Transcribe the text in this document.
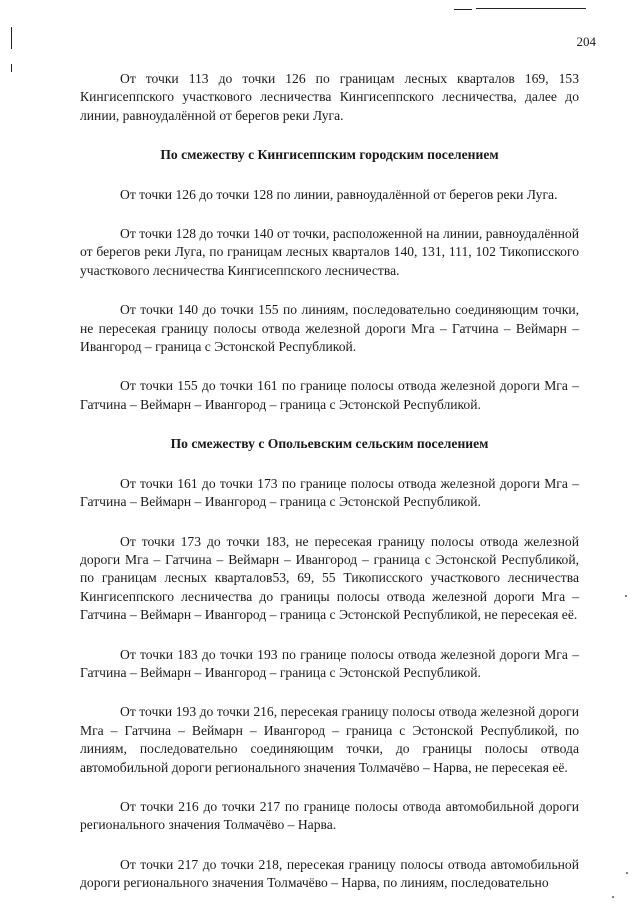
204

От точки 113 до точки 126 по границам лесных кварталов 169, 153 Кингисеппского участкового лесничества Кингисеппского лесничества, далее до линии, равноудалённой от берегов реки Луга.

По смежеству с Кингисеппским городским поселением

От точки 126 до точки 128 по линии, равноудалённой от берегов реки Луга.

От точки 128 до точки 140 от точки, расположенной на линии, равноудалённой от берегов реки Луга, по границам лесных кварталов 140, 131, 111, 102 Тикописского участкового лесничества Кингисеппского лесничества.

От точки 140 до точки 155 по линиям, последовательно соединяющим точки, не пересекая границу полосы отвода железной дороги Мга – Гатчина – Веймарн – Ивангород – граница с Эстонской Республикой.

От точки 155 до точки 161 по границе полосы отвода железной дороги Мга – Гатчина – Веймарн – Ивангород – граница с Эстонской Республикой.

По смежеству с Опольевским сельским поселением

От точки 161 до точки 173 по границе полосы отвода железной дороги Мга – Гатчина – Веймарн – Ивангород – граница с Эстонской Республикой.

От точки 173 до точки 183, не пересекая границу полосы отвода железной дороги Мга – Гатчина – Веймарн – Ивангород – граница с Эстонской Республикой, по границам лесных кварталов53, 69, 55 Тикописского участкового лесничества Кингисеппского лесничества до границы полосы отвода железной дороги Мга – Гатчина – Веймарн – Ивангород – граница с Эстонской Республикой, не пересекая её.

От точки 183 до точки 193 по границе полосы отвода железной дороги Мга – Гатчина – Веймарн – Ивангород – граница с Эстонской Республикой.

От точки 193 до точки 216, пересекая границу полосы отвода железной дороги Мга – Гатчина – Веймарн – Ивангород – граница с Эстонской Республикой, по линиям, последовательно соединяющим точки, до границы полосы отвода автомобильной дороги регионального значения Толмачёво – Нарва, не пересекая её.

От точки 216 до точки 217 по границе полосы отвода автомобильной дороги регионального значения Толмачёво – Нарва.

От точки 217 до точки 218, пересекая границу полосы отвода автомобильной дороги регионального значения Толмачёво – Нарва, по линиям, последовательно
